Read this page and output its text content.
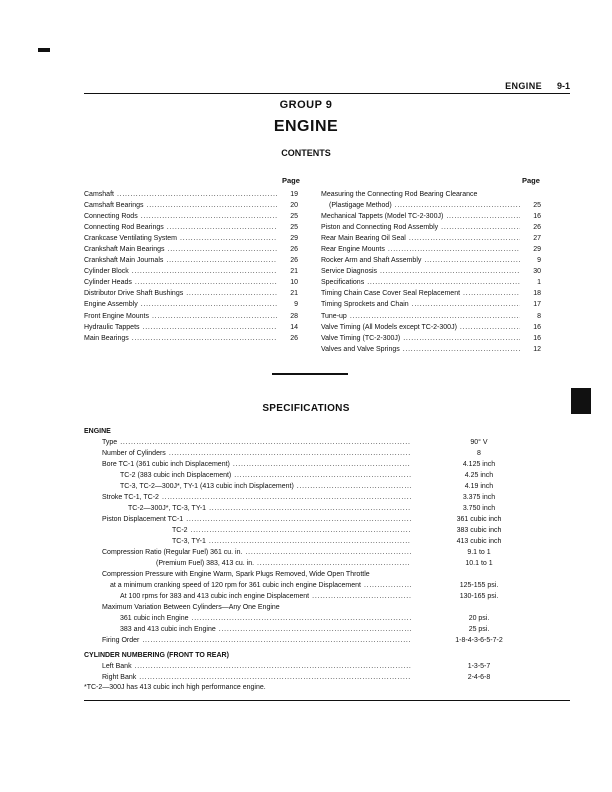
ENGINE 9-1
GROUP 9
ENGINE
CONTENTS
Page	Page
Camshaft . . .	19
Camshaft Bearings . . .	20
Connecting Rods . . .	25
Connecting Rod Bearings . . .	25
Crankcase Ventilating System . . .	29
Crankshaft Main Bearings . . .	26
Crankshaft Main Journals . . .	26
Cylinder Block . . .	21
Cylinder Heads . . .	10
Distributor Drive Shaft Bushings . . .	21
Engine Assembly . . .	9
Front Engine Mounts . . .	28
Hydraulic Tappets . . .	14
Main Bearings . . .	26
Measuring the Connecting Rod Bearing Clearance
(Plastigage Method) . . .	25
Mechanical Tappets (Model TC-2-300J) . . .	16
Piston and Connecting Rod Assembly . . .	26
Rear Main Bearing Oil Seal . . .	27
Rear Engine Mounts . . .	29
Rocker Arm and Shaft Assembly . . .	9
Service Diagnosis . . .	30
Specifications . . .	1
Timing Chain Case Cover Seal Replacement . . .	18
Timing Sprockets and Chain . . .	17
Tune-up . . .	8
Valve Timing (All Models except TC-2-300J) . . .	16
Valve Timing (TC-2-300J) . . .	16
Valves and Valve Springs . . .	12
SPECIFICATIONS
ENGINE
Type . . .	90° V
Number of Cylinders . . .	8
Bore TC-1 (361 cubic inch Displacement) . . .	4.125 inch
TC-2 (383 cubic inch Displacement) . . .	4.25 inch
TC-3, TC-2—300J*, TY-1 (413 cubic inch Displacement) . . .	4.19 inch
Stroke TC-1, TC-2 . . .	3.375 inch
TC-2—300J*, TC-3, TY-1 . . .	3.750 inch
Piston Displacement TC-1 . . .	361 cubic inch
TC-2 . . .	383 cubic inch
TC-3, TY-1 . . .	413 cubic inch
Compression Ratio (Regular Fuel) 361 cu. in. . . .	9.1 to 1
(Premium Fuel) 383, 413 cu. in. . . .	10.1 to 1
Compression Pressure with Engine Warm, Spark Plugs Removed, Wide Open Throttle
at a minimum cranking speed of 120 rpm for 361 cubic inch engine Displacement . . .	125-155 psi.
At 100 rpms for 383 and 413 cubic inch engine Displacement . . .	130-165 psi.
Maximum Variation Between Cylinders—Any One Engine
361 cubic inch Engine . . .	20 psi.
383 and 413 cubic inch Engine . . .	25 psi.
Firing Order . . .	1-8-4-3-6-5-7-2
CYLINDER NUMBERING (FRONT TO REAR)
Left Bank . . .	1-3-5-7
Right Bank . . .	2-4-6-8
*TC-2—300J has 413 cubic inch high performance engine.
